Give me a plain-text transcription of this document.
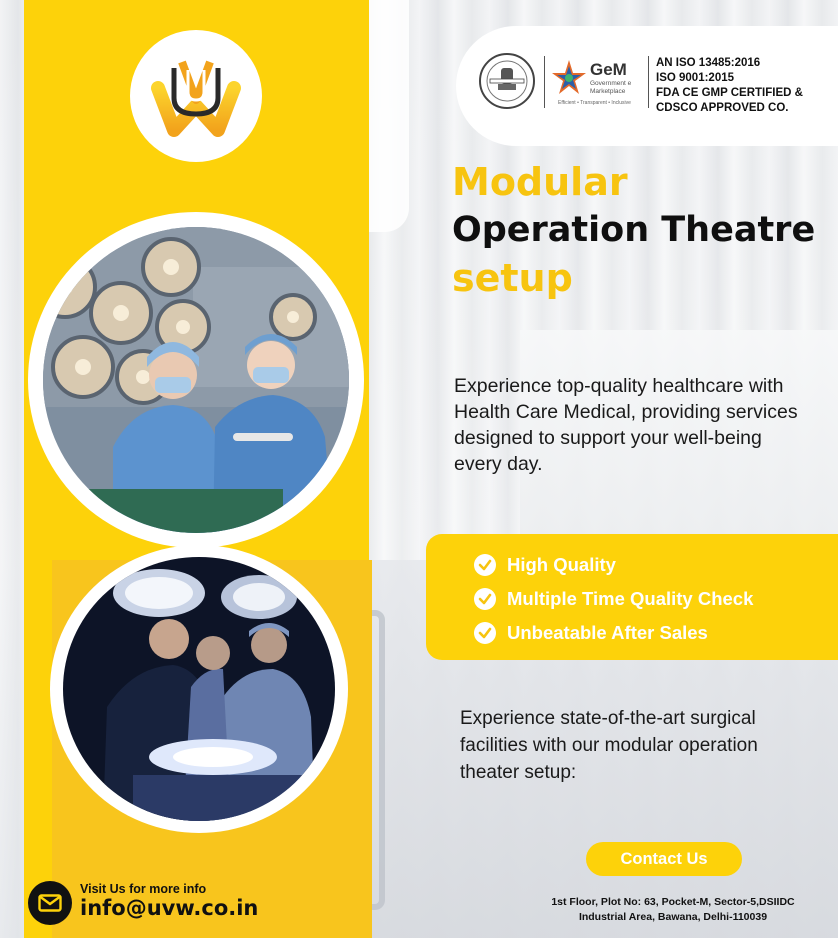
GeM
Government e Marketplace
Efficient • Transparent • Inclusive
AN ISO 13485:2016
ISO 9001:2015
FDA CE GMP CERTIFIED &
CDSCO APPROVED CO.
Modular
Operation Theatre
setup
Experience top-quality healthcare with Health Care Medical, providing services designed to support your well-being every day.
High Quality
Multiple Time Quality Check
Unbeatable After Sales
Experience state-of-the-art surgical facilities with our modular operation theater setup:
Contact Us
1st Floor, Plot No: 63, Pocket-M, Sector-5,DSIIDC
Industrial Area, Bawana, Delhi-110039
Visit Us for more info
info@uvw.co.in
